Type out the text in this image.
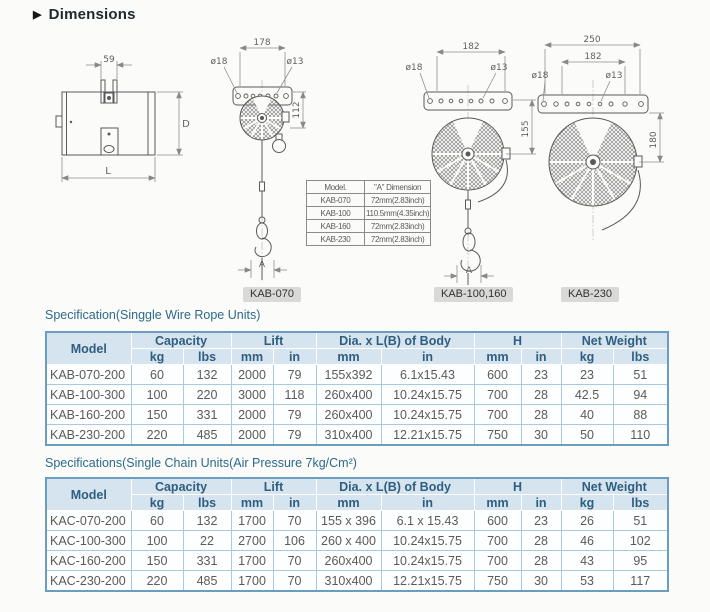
▶ Dimensions
59
D
L
178
ø18	ø13
112
A
182
ø18	ø13
155
A
250
182
ø18	ø13
180
Model.	"A" Dimension
KAB-070	72mm(2.83inch)
KAB-100	110.5mm(4.35inch)
KAB-160	72mm(2.83inch)
KAB-230	72mm(2.83inch)
KAB-070	KAB-100,160	KAB-230
Specification(Singgle Wire Rope Units)
Model	Capacity		Lift		Dia. x L(B) of Body		H		Net Weight	
	kg	lbs	mm	in	mm	in	mm	in	kg	lbs
KAB-070-200	60	132	2000	79	155x392	6.1x15.43	600	23	23	51
KAB-100-300	100	220	3000	118	260x400	10.24x15.75	700	28	42.5	94
KAB-160-200	150	331	2000	79	260x400	10.24x15.75	700	28	40	88
KAB-230-200	220	485	2000	79	310x400	12.21x15.75	750	30	50	110
Specifications(Single Chain Units(Air Pressure 7kg/Cm²)
Model	Capacity		Lift		Dia. x L(B) of Body		H		Net Weight	
	kg	lbs	mm	in	mm	in	mm	in	kg	lbs
KAC-070-200	60	132	1700	70	155 x 396	6.1 x 15.43	600	23	26	51
KAC-100-300	100	22	2700	106	260 x 400	10.24x15.75	700	28	46	102
KAC-160-200	150	331	1700	70	260x400	10.24x15.75	700	28	43	95
KAC-230-200	220	485	1700	70	310x400	12.21x15.75	750	30	53	117
